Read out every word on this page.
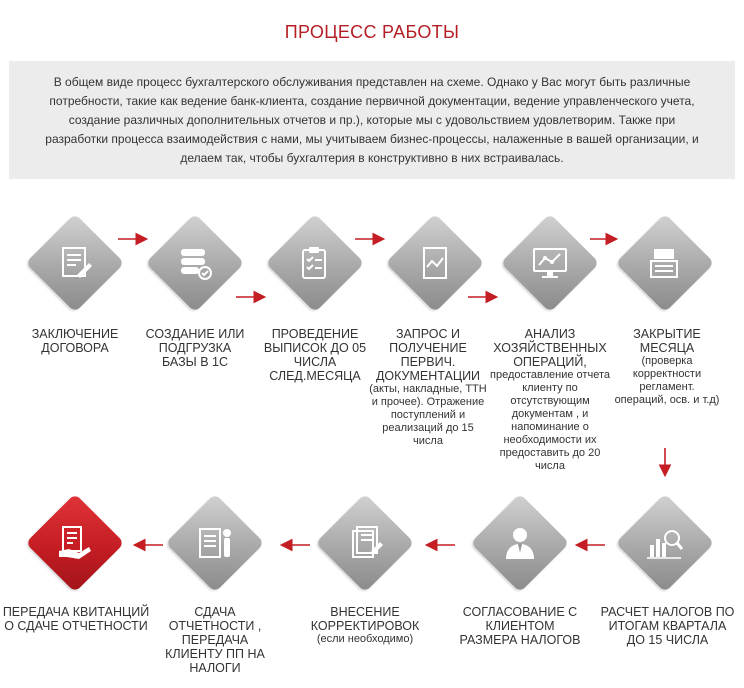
ПРОЦЕСС РАБОТЫ
В общем виде процесс бухгалтерского обслуживания представлен на схеме. Однако у Вас могут быть различные потребности, такие как ведение банк-клиента, создание первичной документации, ведение управленческого учета, создание различных дополнительных отчетов и пр.), которые мы с удовольствием удовлетворим. Также при разработки процесса взаимодействия с нами, мы учитываем бизнес-процессы, налаженные в вашей организации, и делаем так, чтобы бухгалтерия в конструктивно в них встраивалась.
ЗАКЛЮЧЕНИЕ ДОГОВОРА
СОЗДАНИЕ ИЛИ ПОДГРУЗКА БАЗЫ В 1С
ПРОВЕДЕНИЕ ВЫПИСОК ДО 05 ЧИСЛА СЛЕД.МЕСЯЦА
ЗАПРОС И ПОЛУЧЕНИЕ ПЕРВИЧ. ДОКУМЕНТАЦИИ
(акты, накладные, ТТН и прочее). Отражение поступлений и реализаций до 15 числа
АНАЛИЗ ХОЗЯЙСТВЕННЫХ ОПЕРАЦИЙ,
предоставление отчета клиенту по отсутствующим документам , и напоминание о необходимости их предоставить до 20 числа
ЗАКРЫТИЕ МЕСЯЦА
(проверка корректности регламент. операций, осв. и т.д)
РАСЧЕТ НАЛОГОВ ПО ИТОГАМ КВАРТАЛА ДО 15 ЧИСЛА
СОГЛАСОВАНИЕ С КЛИЕНТОМ РАЗМЕРА НАЛОГОВ
ВНЕСЕНИЕ КОРРЕКТИРОВОК
(если необходимо)
СДАЧА ОТЧЕТНОСТИ , ПЕРЕДАЧА КЛИЕНТУ ПП НА НАЛОГИ
ПЕРЕДАЧА КВИТАНЦИЙ О СДАЧЕ ОТЧЕТНОСТИ
